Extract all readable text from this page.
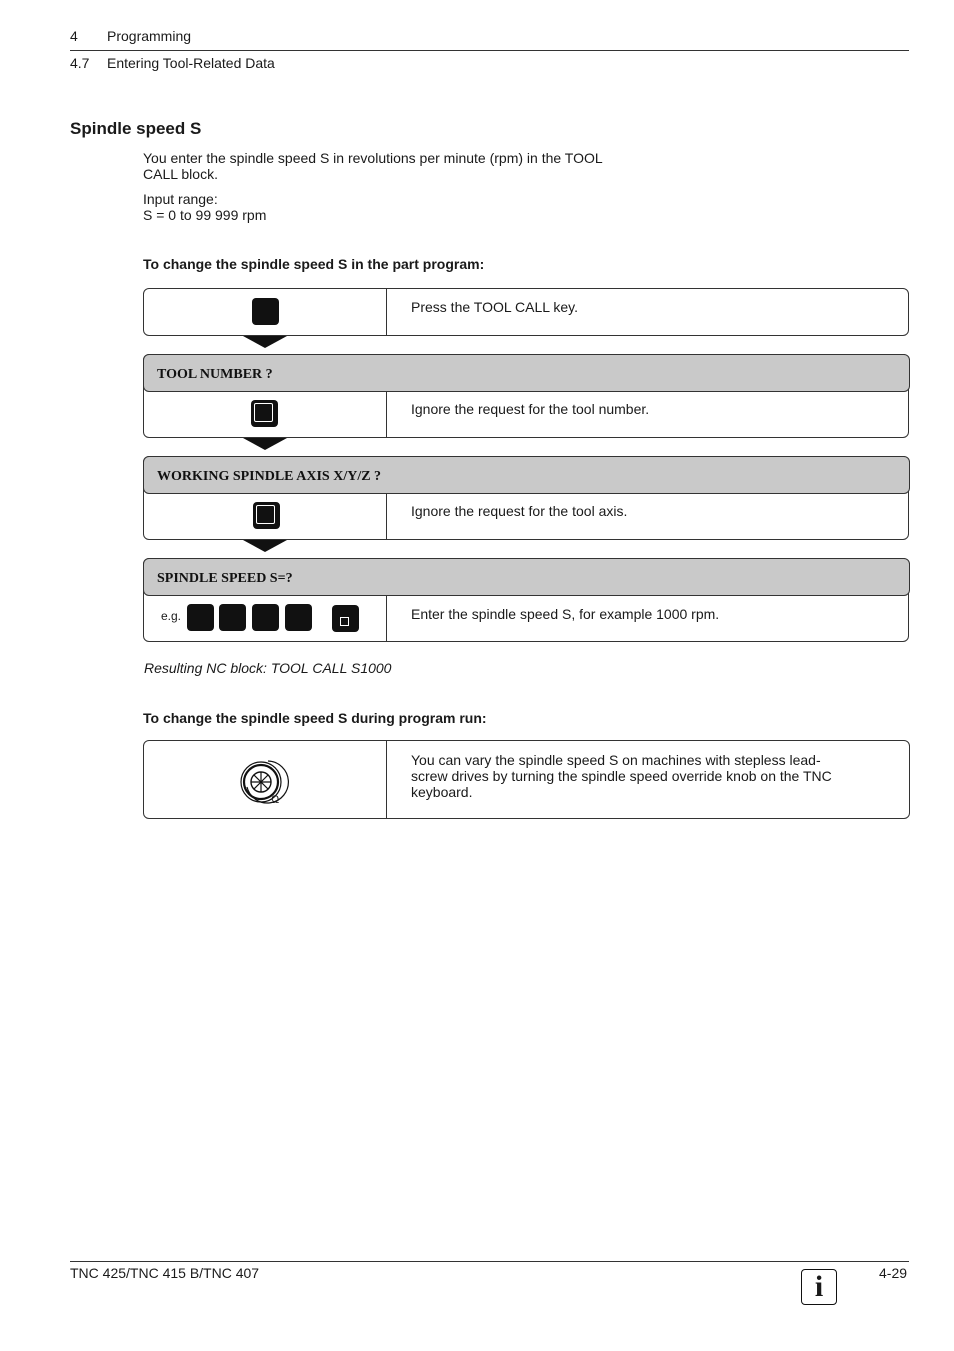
4 Programming
4.7 Entering Tool-Related Data
Spindle speed S
You enter the spindle speed S in revolutions per minute (rpm) in the TOOL
CALL block.
Input range:
S = 0 to 99 999 rpm
To change the spindle speed S in the part program:
Press the TOOL CALL key.
Ignore the request for the tool number.
TOOL NUMBER ?
Ignore the request for the tool axis.
WORKING SPINDLE AXIS X/Y/Z ?
e.g.	Enter the spindle speed S, for example 1000 rpm.
SPINDLE SPEED S=?
Resulting NC block: TOOL CALL S1000
To change the spindle speed S during program run:
Ω
You can vary the spindle speed S on machines with stepless lead-
screw drives by turning the spindle speed override knob on the TNC
keyboard.
TNC 425/TNC 415 B/TNC 407	4-29
i
